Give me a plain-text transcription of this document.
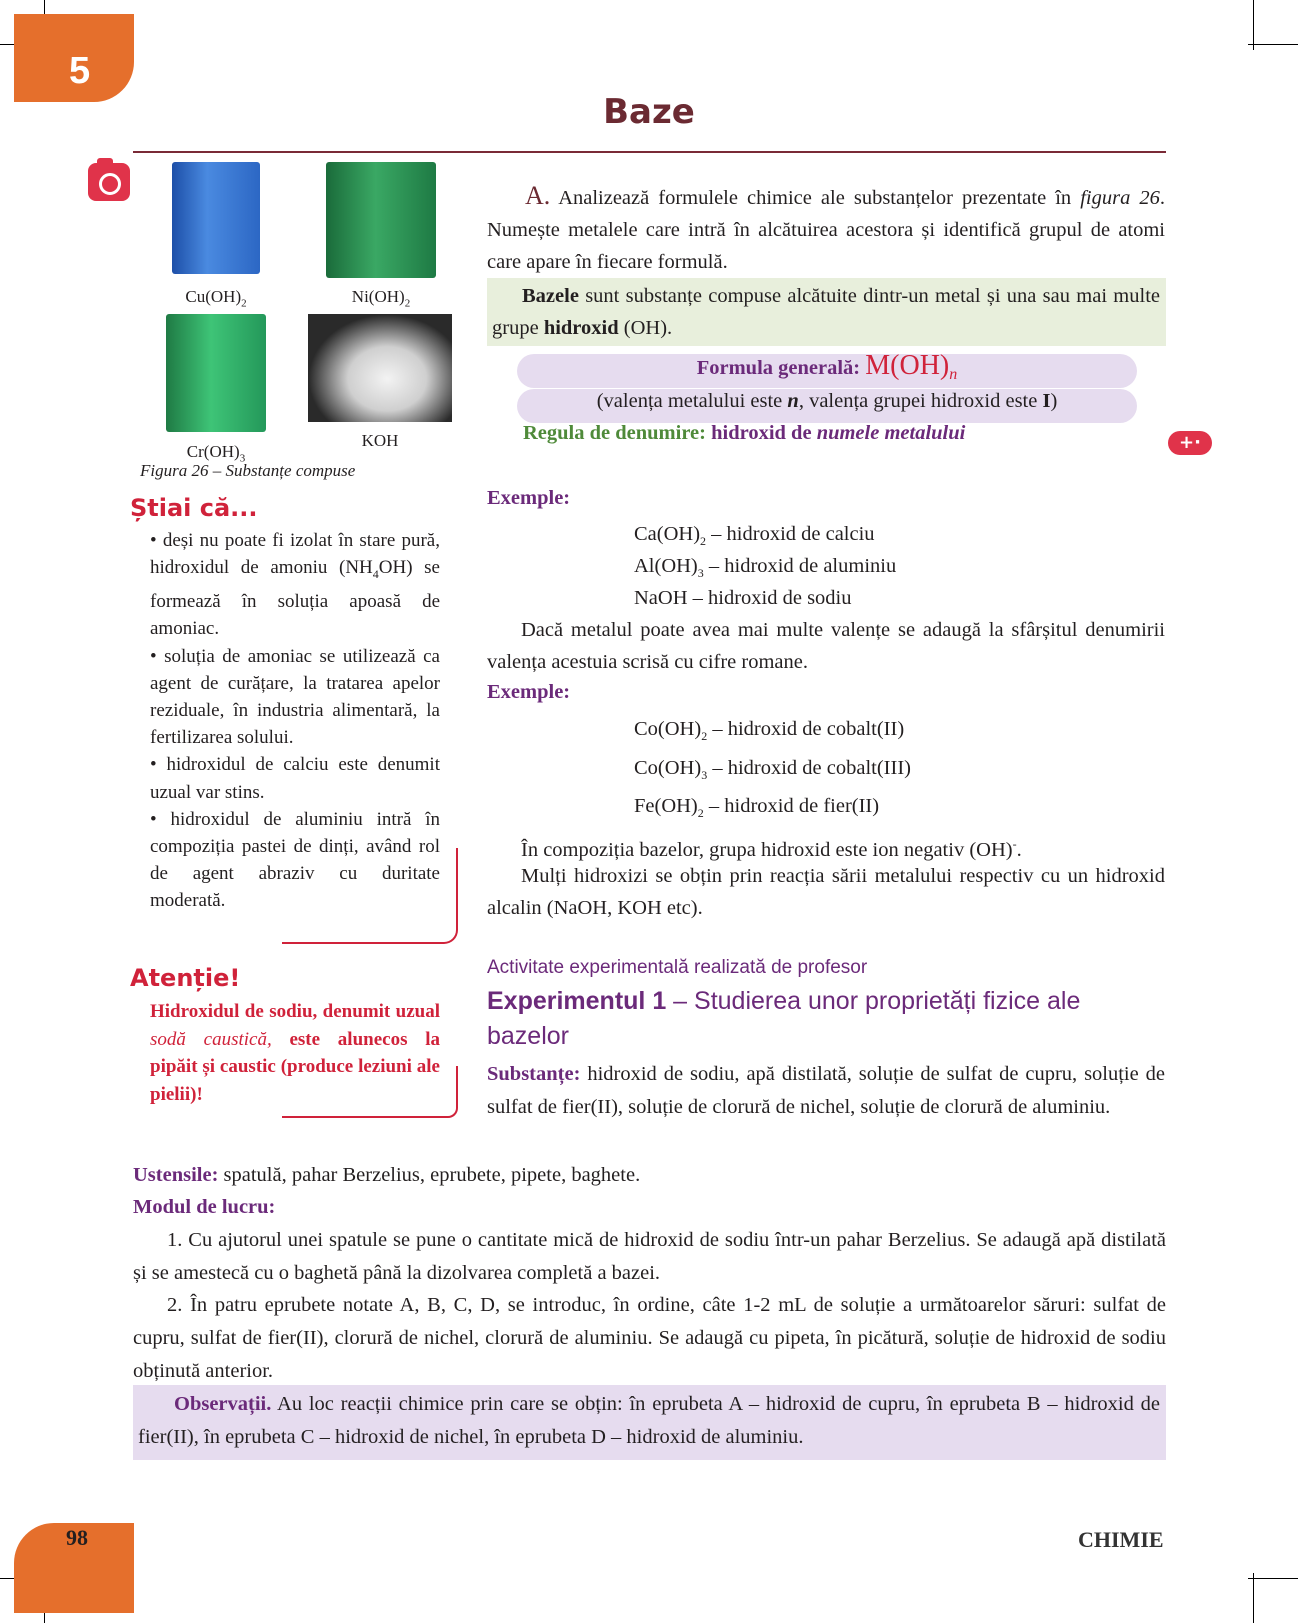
5
Baze
$Cu(OH)_2$	$Ni(OH)_2$
$Cr(OH)_3$
KOH
Figura 26 – Substanțe compuse
Știai că...

• deși nu poate fi izolat în stare pură, hidroxidul de amoniu $(NH_4OH)$ se formează în soluția apoasă de amoniac.

• soluția de amoniac se utilizează ca agent de curățare, la tratarea apelor reziduale, în industria alimentară, la fertilizarea solului.

• hidroxidul de calciu este denumit uzual var stins.

• hidroxidul de aluminiu intră în compoziția pastei de dinți, având rol de agent abraziv cu duritate moderată.

Atenție!
Hidroxidul de sodiu, denumit uzual sodă caustică, este alunecos la pipăit și caustic (produce leziuni ale pielii)!

A. Analizează formulele chimice ale substanțelor prezentate în figura 26. Numește metalele care intră în alcătuirea acestora și identifică grupul de atomi care apare în fiecare formulă.

Bazele sunt substanțe compuse alcătuite dintr-un metal și una sau mai multe grupe hidroxid (OH).

Formula generală: $M(OH)_n$
(valența metalului este n, valența grupei hidroxid este I)
Regula de denumire: hidroxid de numele metalului	+·
Exemple:
$Ca(OH)_2$ – hidroxid de calciu
$Al(OH)_3$ – hidroxid de aluminiu
NaOH – hidroxid de sodiu

Dacă metalul poate avea mai multe valențe se adaugă la sfârșitul denumirii valența acestuia scrisă cu cifre romane.

Exemple:
$Co(OH)_2$ – hidroxid de cobalt(II)
$Co(OH)_3$ – hidroxid de cobalt(III)
$Fe(OH)_2$ – hidroxid de fier(II)

În compoziția bazelor, grupa hidroxid este ion negativ (OH)-.

Mulți hidroxizi se obțin prin reacția sării metalului respectiv cu un hidroxid alcalin (NaOH, KOH etc).

Activitate experimentală realizată de profesor
Experimentul 1 – Studierea unor proprietăți fizice ale bazelor

Substanțe: hidroxid de sodiu, apă distilată, soluție de sulfat de cupru, soluție de sulfat de fier(II), soluție de clorură de nichel, soluție de clorură de aluminiu.

Ustensile: spatulă, pahar Berzelius, eprubete, pipete, baghete.
Modul de lucru:
1. Cu ajutorul unei spatule se pune o cantitate mică de hidroxid de sodiu într-un pahar Berzelius. Se adaugă apă distilată și se amestecă cu o baghetă până la dizolvarea completă a bazei.
2. În patru eprubete notate A, B, C, D, se introduc, în ordine, câte 1-2 mL de soluție a următoarelor săruri: sulfat de cupru, sulfat de fier(II), clorură de nichel, clorură de aluminiu. Se adaugă cu pipeta, în picătură, soluție de hidroxid de sodiu obținută anterior.
Observații. Au loc reacții chimice prin care se obțin: în eprubeta A – hidroxid de cupru, în eprubeta B – hidroxid de fier(II), în eprubeta C – hidroxid de nichel, în eprubeta D – hidroxid de aluminiu.
98	CHIMIE
